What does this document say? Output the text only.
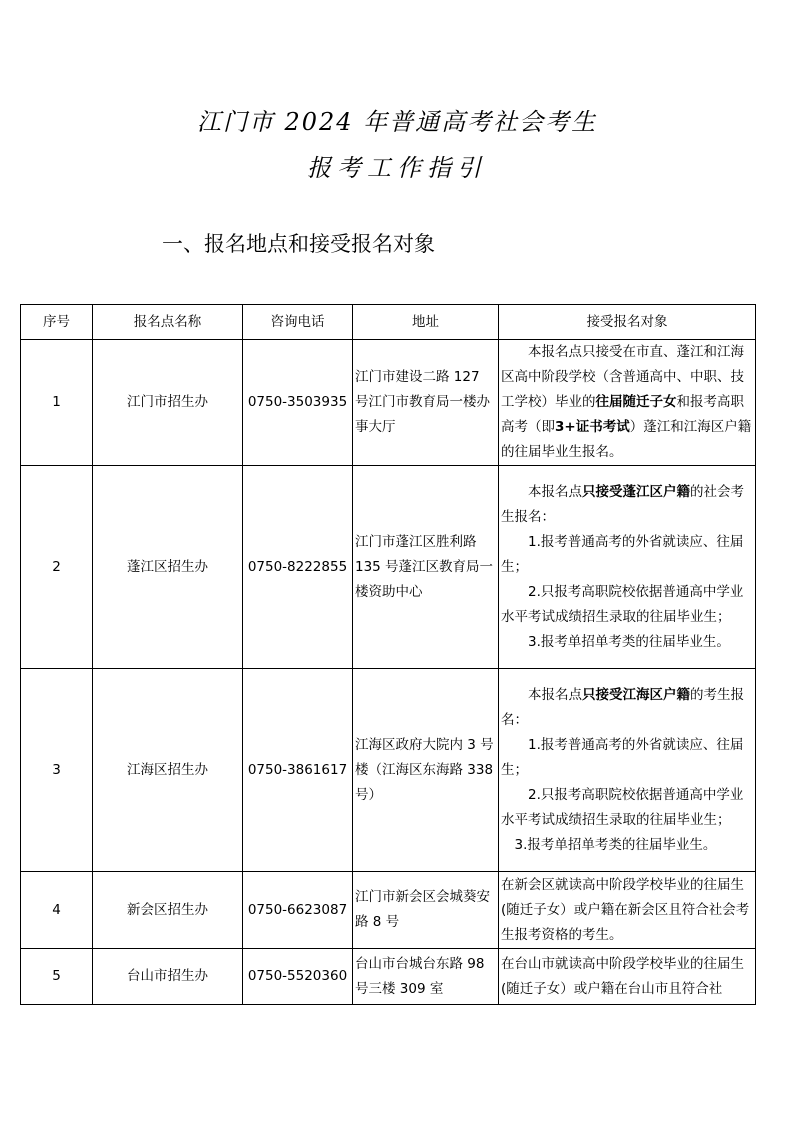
江门市 2024 年普通高考社会考生
报考工作指引
一、报名地点和接受报名对象
序号	报名点名称	咨询电话	地址	接受报名对象
1	江门市招生办	0750-3503935	江门市建设二路 127 号江门市教育局一楼办事大厅	本报名点只接受在市直、蓬江和江海区高中阶段学校（含普通高中、中职、技工学校）毕业的往届随迁子女和报考高职高考（即3+证书考试）蓬江和江海区户籍的往届毕业生报名。

2	蓬江区招生办	0750-8222855	江门市蓬江区胜利路 135 号蓬江区教育局一楼资助中心	本报名点只接受蓬江区户籍的社会考生报名：
1.报考普通高考的外省就读应、往届生；
2.只报考高职院校依据普通高中学业水平考试成绩招生录取的往届毕业生；
3.报考单招单考类的往届毕业生。

3	江海区招生办	0750-3861617	江海区政府大院内 3 号楼（江海区东海路 338 号）	本报名点只接受江海区户籍的考生报名：
1.报考普通高考的外省就读应、往届生；
2.只报考高职院校依据普通高中学业水平考试成绩招生录取的往届毕业生；
3.报考单招单考类的往届毕业生。

4	新会区招生办	0750-6623087	江门市新会区会城葵安路 8 号	在新会区就读高中阶段学校毕业的往届生(随迁子女）或户籍在新会区且符合社会考生报考资格的考生。
5	台山市招生办	0750-5520360	台山市台城台东路 98 号三楼 309 室	在台山市就读高中阶段学校毕业的往届生(随迁子女）或户籍在台山市且符合社
